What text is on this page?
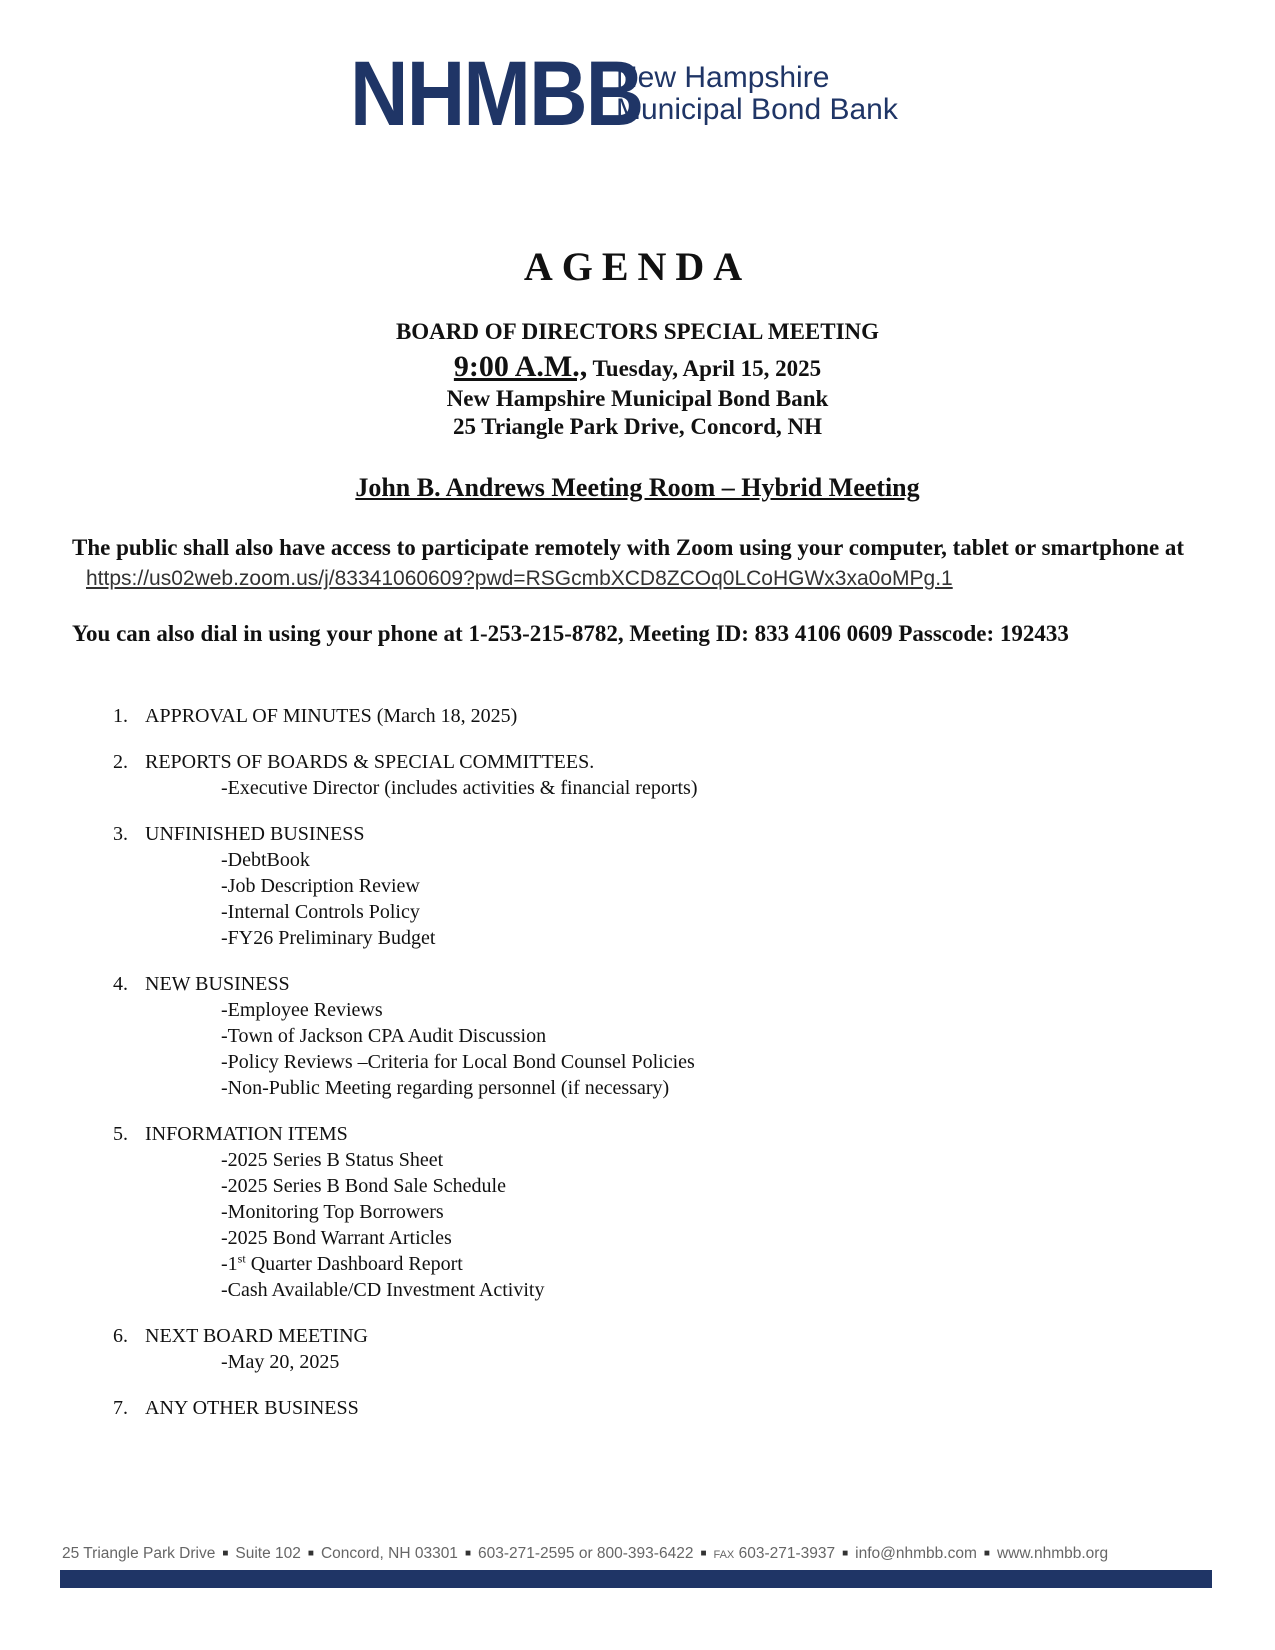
NHMBB
New Hampshire
Municipal Bond Bank
AGENDA
BOARD OF DIRECTORS SPECIAL MEETING
9:00 A.M., Tuesday, April 15, 2025
New Hampshire Municipal Bond Bank
25 Triangle Park Drive, Concord, NH
John B. Andrews Meeting Room – Hybrid Meeting
The public shall also have access to participate remotely with Zoom using your computer, tablet or smartphone at https://us02web.zoom.us/j/83341060609?pwd=RSGcmbXCD8ZCOq0LCoHGWx3xa0oMPg.1
You can also dial in using your phone at 1-253-215-8782, Meeting ID: 833 4106 0609 Passcode: 192433
1. APPROVAL OF MINUTES (March 18, 2025)
2. REPORTS OF BOARDS & SPECIAL COMMITTEES.
-Executive Director (includes activities & financial reports)
3. UNFINISHED BUSINESS
-DebtBook
-Job Description Review
-Internal Controls Policy
-FY26 Preliminary Budget
4. NEW BUSINESS
-Employee Reviews
-Town of Jackson CPA Audit Discussion
-Policy Reviews –Criteria for Local Bond Counsel Policies
-Non-Public Meeting regarding personnel (if necessary)
5. INFORMATION ITEMS
-2025 Series B Status Sheet
-2025 Series B Bond Sale Schedule
-Monitoring Top Borrowers
-2025 Bond Warrant Articles
-1st Quarter Dashboard Report
-Cash Available/CD Investment Activity
6. NEXT BOARD MEETING
-May 20, 2025
7. ANY OTHER BUSINESS
25 Triangle Park Drive ■ Suite 102 ■ Concord, NH 03301 ■ 603-271-2595 or 800-393-6422 ■ FAX 603-271-3937 ■ info@nhmbb.com ■ www.nhmbb.org
